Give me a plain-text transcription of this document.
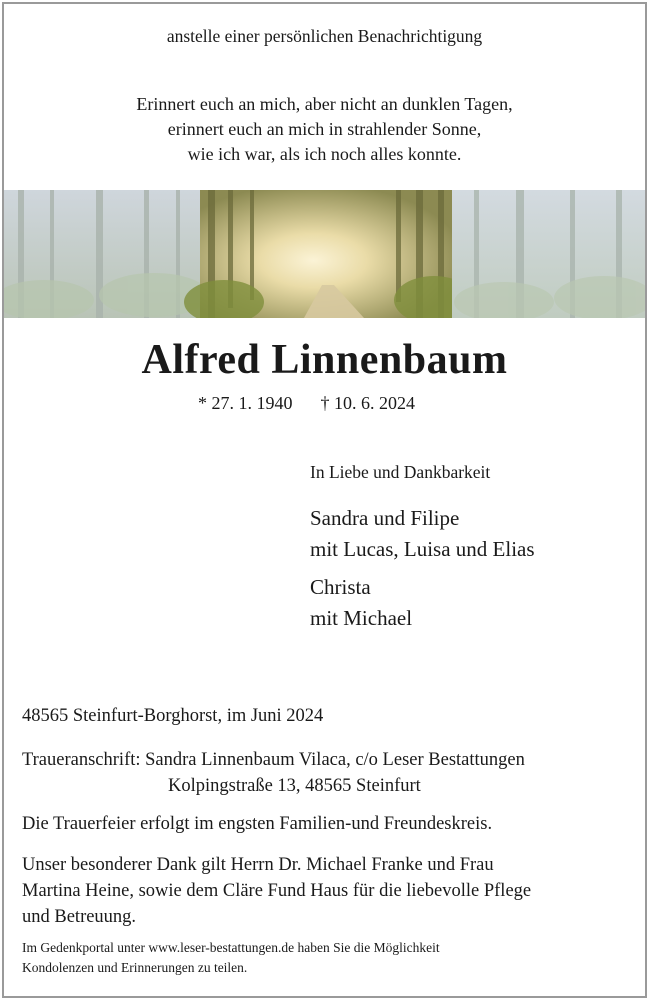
anstelle einer persönlichen Benachrichtigung
Erinnert euch an mich, aber nicht an dunklen Tagen,
erinnert euch an mich in strahlender Sonne,
wie ich war, als ich noch alles konnte.
Alfred Linnenbaum
* 27. 1. 1940 † 10. 6. 2024
In Liebe und Dankbarkeit
Sandra und Filipe
mit Lucas, Luisa und Elias
Christa
mit Michael
48565 Steinfurt-Borghorst, im Juni 2024
Traueranschrift: Sandra Linnenbaum Vilaca, c/o Leser Bestattungen
Kolpingstraße 13, 48565 Steinfurt
Die Trauerfeier erfolgt im engsten Familien-und Freundeskreis.
Unser besonderer Dank gilt Herrn Dr. Michael Franke und Frau
Martina Heine, sowie dem Cläre Fund Haus für die liebevolle Pflege
und Betreuung.
Im Gedenkportal unter www.leser-bestattungen.de haben Sie die Möglichkeit
Kondolenzen und Erinnerungen zu teilen.
